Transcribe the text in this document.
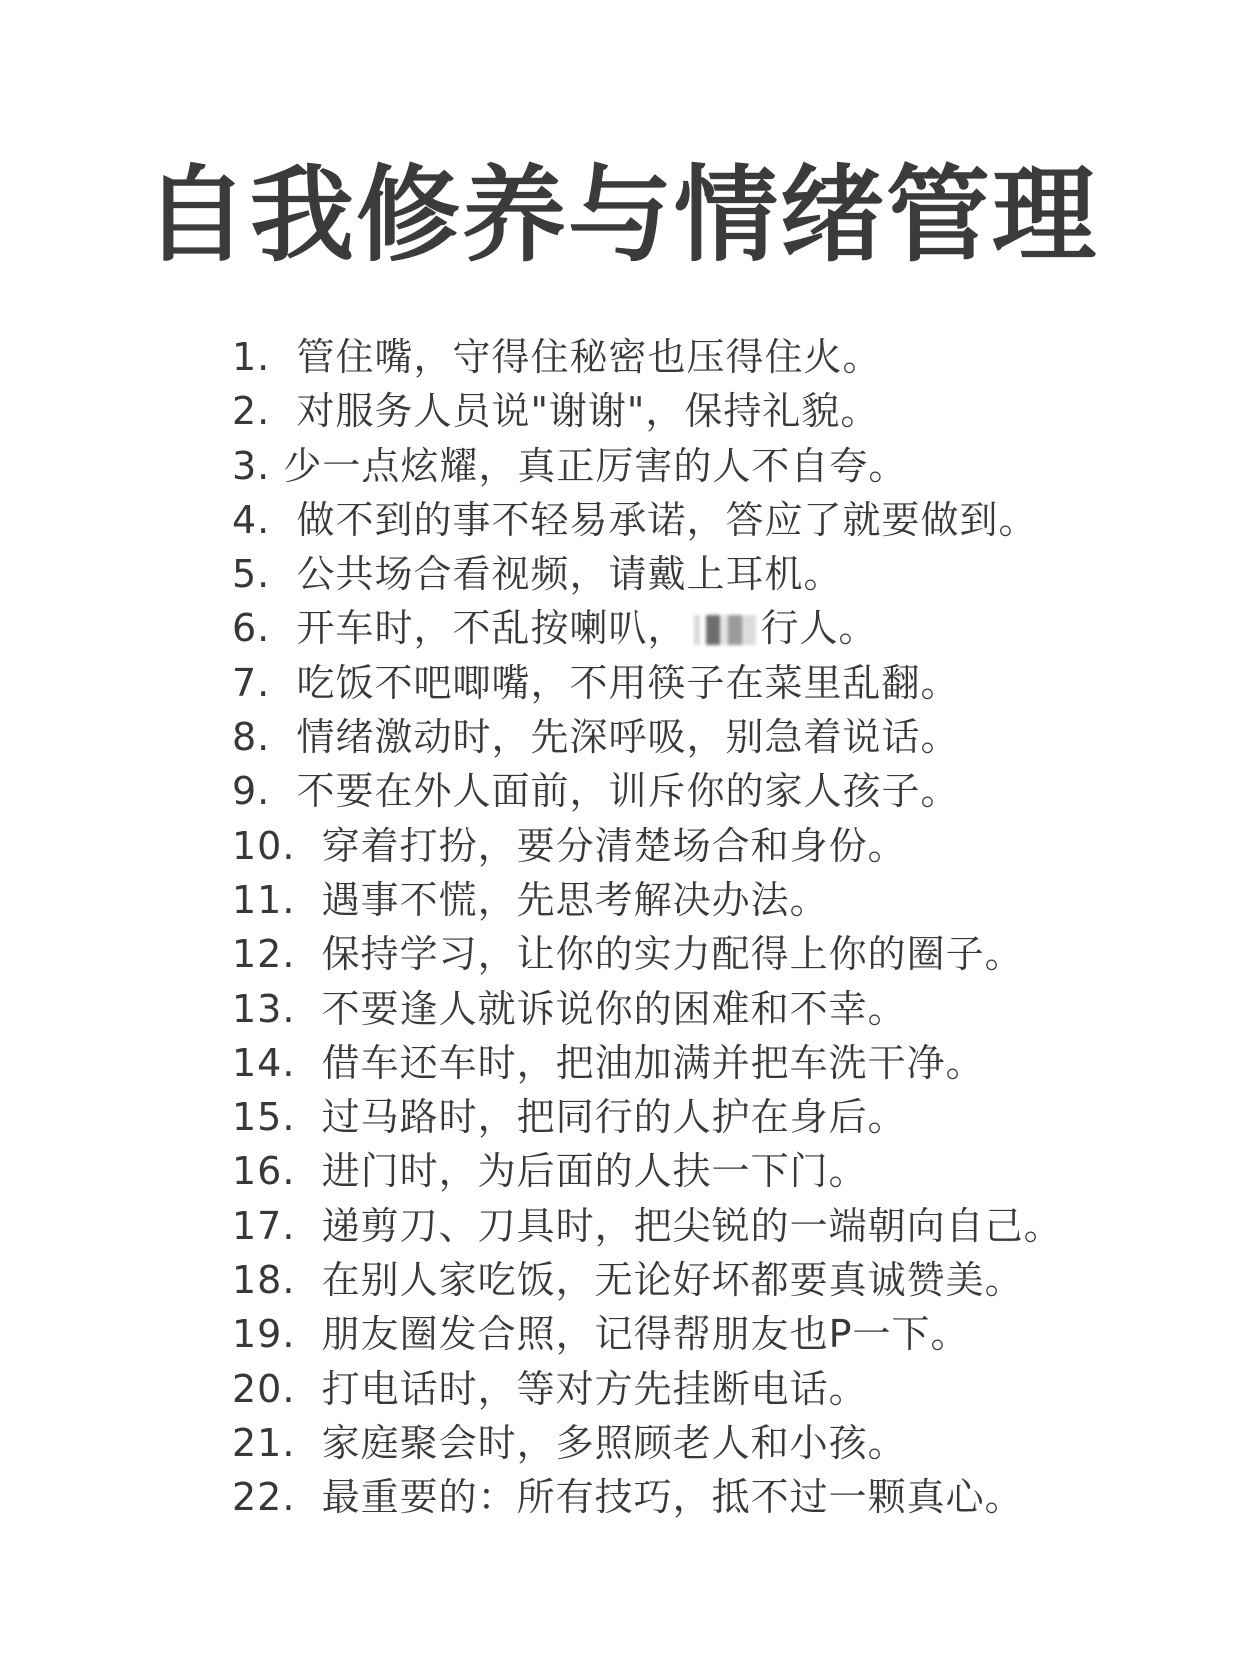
自我修养与情绪管理
1. 管住嘴，守得住秘密也压得住火。
2. 对服务人员说"谢谢"，保持礼貌。
3. 少一点炫耀，真正厉害的人不自夸。
4. 做不到的事不轻易承诺，答应了就要做到。
5. 公共场合看视频，请戴上耳机。
6. 开车时，不乱按喇叭， 行人。
7. 吃饭不吧唧嘴，不用筷子在菜里乱翻。
8. 情绪激动时，先深呼吸，别急着说话。
9. 不要在外人面前，训斥你的家人孩子。
10. 穿着打扮，要分清楚场合和身份。
11. 遇事不慌，先思考解决办法。
12. 保持学习，让你的实力配得上你的圈子。
13. 不要逢人就诉说你的困难和不幸。
14. 借车还车时，把油加满并把车洗干净。
15. 过马路时，把同行的人护在身后。
16. 进门时，为后面的人扶一下门。
17. 递剪刀、刀具时，把尖锐的一端朝向自己。
18. 在别人家吃饭，无论好坏都要真诚赞美。
19. 朋友圈发合照，记得帮朋友也P一下。
20. 打电话时，等对方先挂断电话。
21. 家庭聚会时，多照顾老人和小孩。
22. 最重要的：所有技巧，抵不过一颗真心。
